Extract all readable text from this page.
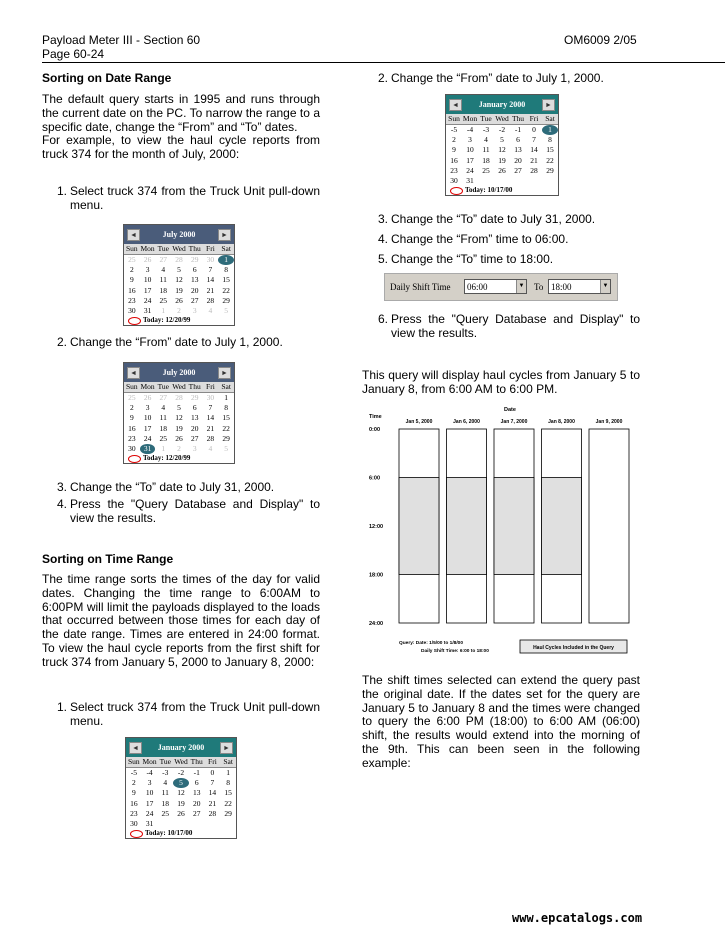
Payload Meter III - Section 60
Page 60-24
OM6009 2/05
Sorting on Date Range
The default query starts in 1995 and runs through the current date on the PC. To narrow the range to a specific date, change the “From” and “To” dates.
For example, to view the haul cycle reports from truck 374 for the month of July, 2000:
1. Select truck 374 from the Truck Unit pull-down menu.
◄	July 2000	►
Sun Mon Tue Wed Thu Fri Sat
25	26	27	28	29	30	1
2	3	4	5	6	7	8
9	10	11	12	13	14	15
16	17	18	19	20	21	22
23	24	25	26	27	28	29
30	31	1	2	3	4	5
Today: 12/20/99
2. Change the “From” date to July 1, 2000.
◄	July 2000	►
Sun Mon Tue Wed Thu Fri Sat
25	26	27	28	29	30	1
2	3	4	5	6	7	8
9	10	11	12	13	14	15
16	17	18	19	20	21	22
23	24	25	26	27	28	29
30	31	1	2	3	4	5
Today: 12/20/99
3. Change the “To” date to July 31, 2000.
4. Press the "Query Database and Display" to view the results.
Sorting on Time Range
The time range sorts the times of the day for valid dates. Changing the time range to 6:00AM to 6:00PM will limit the payloads displayed to the loads that occurred between those times for each day of the date range. Times are entered in 24:00 format. To view the haul cycle reports from the first shift for truck 374 from January 5, 2000 to January 8, 2000:
1. Select truck 374 from the Truck Unit pull-down menu.
◄	January 2000	►
Sun Mon Tue Wed Thu Fri Sat
-5	-4	-3	-2	-1	0	1
2	3	4	5	6	7	8
9	10	11	12	13	14	15
16	17	18	19	20	21	22
23	24	25	26	27	28	29
30	31
Today: 10/17/00
2. Change the “From” date to July 1, 2000.
◄	January 2000	►
Sun Mon Tue Wed Thu Fri Sat
-5	-4	-3	-2	-1	0	1
2	3	4	5	6	7	8
9	10	11	12	13	14	15
16	17	18	19	20	21	22
23	24	25	26	27	28	29
30	31
Today: 10/17/00
3. Change the “To” date to July 31, 2000.
4. Change the “From” time to 06:00.
5. Change the “To” time to 18:00.
Daily Shift Time	06:00	▼ To 18:00	▼
6. Press the "Query Database and Display" to view the results.
This query will display haul cycles from January 5 to January 8, from 6:00 AM to 6:00 PM.
Date
Time
0:00
6:00
12:00
18:00
24:00
Jan 5, 2000	Jan 6, 2000	Jan 7, 2000	Jan 8, 2000	Jan 9, 2000
Query: Date: 1/5/00 to 1/8/00
Daily Shift Time: 6:00 to 18:00
Haul Cycles Included in the Query
The shift times selected can extend the query past the original date. If the dates set for the query are January 5 to January 8 and the times were changed to query the 6:00 PM (18:00) to 6:00 AM (06:00) shift, the results would extend into the morning of the 9th. This can been seen in the following example:
www.epcatalogs.com
